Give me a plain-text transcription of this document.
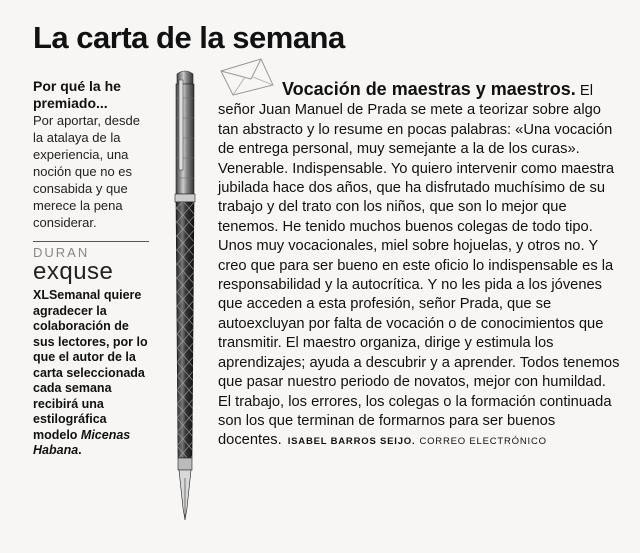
La carta de la semana

Por qué la he premiado...

Por aportar, desde la atalaya de la experiencia, una noción que no es consabida y que merece la pena considerar.

DURAN

exquse

XLSemanal quiere agradecer la colaboración de sus lectores, por lo que el autor de la carta seleccionada cada semana recibirá una estilográfica modelo Micenas Habana.

Vocación de maestras y maestros. El señor Juan Manuel de Prada se mete a teorizar sobre algo tan abstracto y lo resume en pocas palabras: «Una vocación de entrega personal, muy semejante a la de los curas». Venerable. Indispensable. Yo quiero intervenir como maestra jubilada hace dos años, que ha disfrutado muchísimo de su trabajo y del trato con los niños, que son lo mejor que tenemos. He tenido muchos buenos colegas de todo tipo. Unos muy vocacionales, miel sobre hojuelas, y otros no. Y creo que para ser bueno en este oficio lo indispensable es la responsabilidad y la autocrítica. Y no les pida a los jóvenes que acceden a esta profesión, señor Prada, que se autoexcluyan por falta de vocación o de conocimientos que transmitir. El maestro organiza, dirige y estimula los aprendizajes; ayuda a descubrir y a aprender. Todos tenemos que pasar nuestro periodo de novatos, mejor con humildad. El trabajo, los errores, los colegas o la formación continuada son los que terminan de formarnos para ser buenos docentes. ISABEL BARROS SEIJO. CORREO ELECTRÓNICO
